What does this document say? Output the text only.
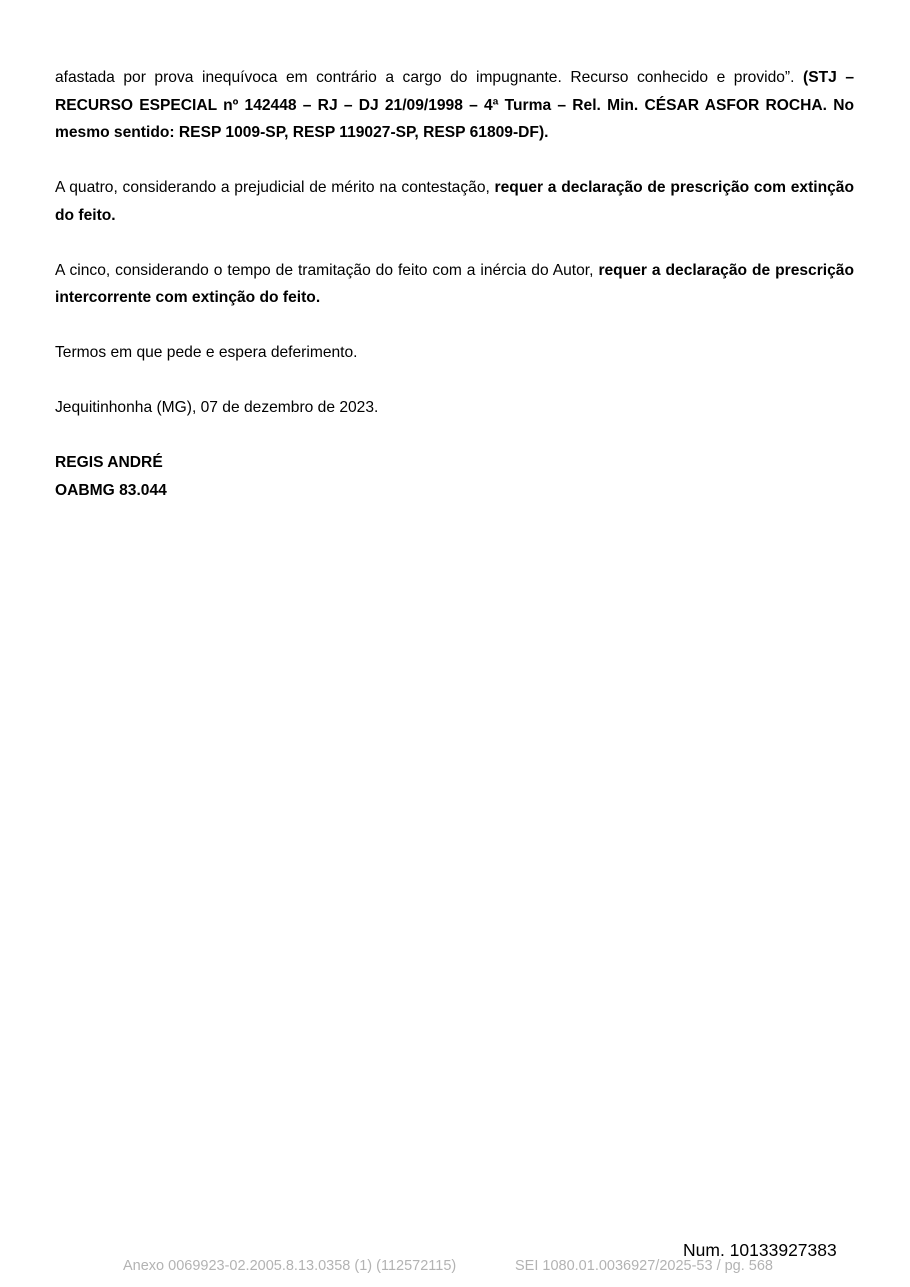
afastada por prova inequívoca em contrário a cargo do impugnante. Recurso conhecido e provido”. (STJ – RECURSO ESPECIAL nº 142448 – RJ – DJ 21/09/1998 – 4ª Turma – Rel. Min. CÉSAR ASFOR ROCHA. No mesmo sentido: RESP 1009-SP, RESP 119027-SP, RESP 61809-DF).

A quatro, considerando a prejudicial de mérito na contestação, requer a declaração de prescrição com extinção do feito.

A cinco, considerando o tempo de tramitação do feito com a inércia do Autor, requer a declaração de prescrição intercorrente com extinção do feito.

Termos em que pede e espera deferimento.

Jequitinhonha (MG), 07 de dezembro de 2023.

REGIS ANDRÉ

OABMG 83.044

Num. 10133927383
Anexo 0069923-02.2005.8.13.0358 (1) (112572115)	SEI 1080.01.0036927/2025-53 / pg. 568
